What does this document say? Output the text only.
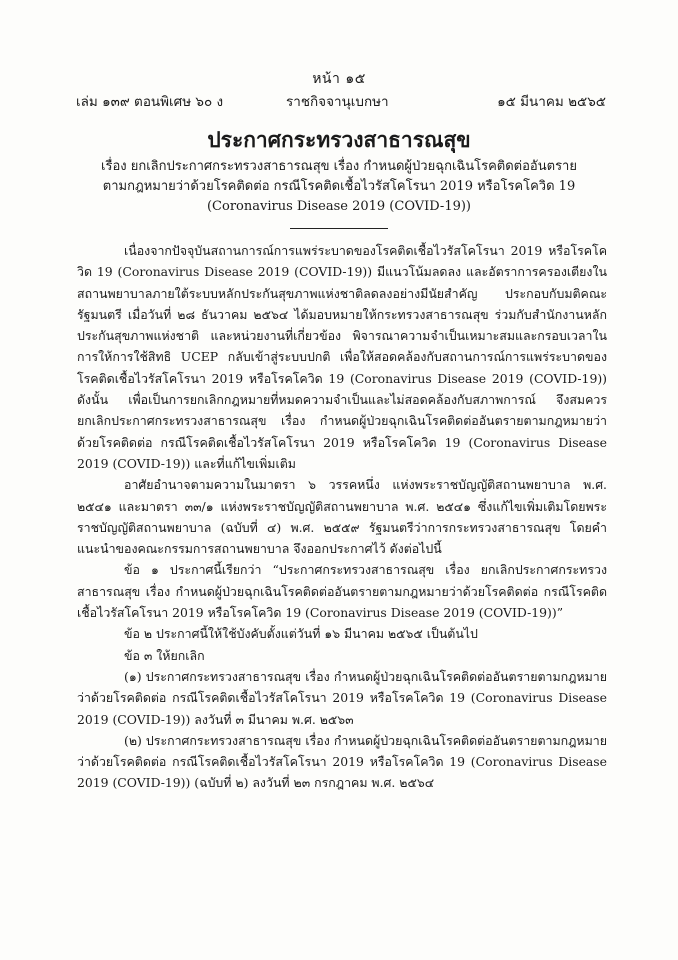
หน้า ๑๕
เล่ม ๑๓๙ ตอนพิเศษ ๖๐ ง	ราชกิจจานุเบกษา	๑๕ มีนาคม ๒๕๖๕
ประกาศกระทรวงสาธารณสุข
เรื่อง ยกเลิกประกาศกระทรวงสาธารณสุข เรื่อง กำหนดผู้ป่วยฉุกเฉินโรคติดต่ออันตราย
ตามกฎหมายว่าด้วยโรคติดต่อ กรณีโรคติดเชื้อไวรัสโคโรนา 2019 หรือโรคโควิด 19
(Coronavirus Disease 2019 (COVID-19))

เนื่องจากปัจจุบันสถานการณ์การแพร่ระบาดของโรคติดเชื้อไวรัสโคโรนา 2019 หรือโรคโควิด 19 (Coronavirus Disease 2019 (COVID-19)) มีแนวโน้มลดลง และอัตราการครองเตียงในสถานพยาบาลภายใต้ระบบหลักประกันสุขภาพแห่งชาติลดลงอย่างมีนัยสำคัญ ประกอบกับมติคณะรัฐมนตรี เมื่อวันที่ ๒๘ ธันวาคม ๒๕๖๔ ได้มอบหมายให้กระทรวงสาธารณสุข ร่วมกับสำนักงานหลักประกันสุขภาพแห่งชาติ และหน่วยงานที่เกี่ยวข้อง พิจารณาความจำเป็นเหมาะสมและกรอบเวลาในการให้การใช้สิทธิ UCEP กลับเข้าสู่ระบบปกติ เพื่อให้สอดคล้องกับสถานการณ์การแพร่ระบาดของโรคติดเชื้อไวรัสโคโรนา 2019 หรือโรคโควิด 19 (Coronavirus Disease 2019 (COVID-19)) ดังนั้น เพื่อเป็นการยกเลิกกฎหมายที่หมดความจำเป็นและไม่สอดคล้องกับสภาพการณ์ จึงสมควรยกเลิกประกาศกระทรวงสาธารณสุข เรื่อง กำหนดผู้ป่วยฉุกเฉินโรคติดต่ออันตรายตามกฎหมายว่าด้วยโรคติดต่อ กรณีโรคติดเชื้อไวรัสโคโรนา 2019 หรือโรคโควิด 19 (Coronavirus Disease 2019 (COVID-19)) และที่แก้ไขเพิ่มเติม

อาศัยอำนาจตามความในมาตรา ๖ วรรคหนึ่ง แห่งพระราชบัญญัติสถานพยาบาล พ.ศ. ๒๕๔๑ และมาตรา ๓๓/๑ แห่งพระราชบัญญัติสถานพยาบาล พ.ศ. ๒๕๔๑ ซึ่งแก้ไขเพิ่มเติมโดยพระราชบัญญัติสถานพยาบาล (ฉบับที่ ๔) พ.ศ. ๒๕๕๙ รัฐมนตรีว่าการกระทรวงสาธารณสุข โดยคำแนะนำของคณะกรรมการสถานพยาบาล จึงออกประกาศไว้ ดังต่อไปนี้

ข้อ ๑ ประกาศนี้เรียกว่า “ประกาศกระทรวงสาธารณสุข เรื่อง ยกเลิกประกาศกระทรวงสาธารณสุข เรื่อง กำหนดผู้ป่วยฉุกเฉินโรคติดต่ออันตรายตามกฎหมายว่าด้วยโรคติดต่อ กรณีโรคติดเชื้อไวรัสโคโรนา 2019 หรือโรคโควิด 19 (Coronavirus Disease 2019 (COVID-19))”

ข้อ ๒ ประกาศนี้ให้ใช้บังคับตั้งแต่วันที่ ๑๖ มีนาคม ๒๕๖๕ เป็นต้นไป

ข้อ ๓ ให้ยกเลิก

(๑) ประกาศกระทรวงสาธารณสุข เรื่อง กำหนดผู้ป่วยฉุกเฉินโรคติดต่ออันตรายตามกฎหมายว่าด้วยโรคติดต่อ กรณีโรคติดเชื้อไวรัสโคโรนา 2019 หรือโรคโควิด 19 (Coronavirus Disease 2019 (COVID-19)) ลงวันที่ ๓ มีนาคม พ.ศ. ๒๕๖๓

(๒) ประกาศกระทรวงสาธารณสุข เรื่อง กำหนดผู้ป่วยฉุกเฉินโรคติดต่ออันตรายตามกฎหมายว่าด้วยโรคติดต่อ กรณีโรคติดเชื้อไวรัสโคโรนา 2019 หรือโรคโควิด 19 (Coronavirus Disease 2019 (COVID-19)) (ฉบับที่ ๒) ลงวันที่ ๒๓ กรกฎาคม พ.ศ. ๒๕๖๔
